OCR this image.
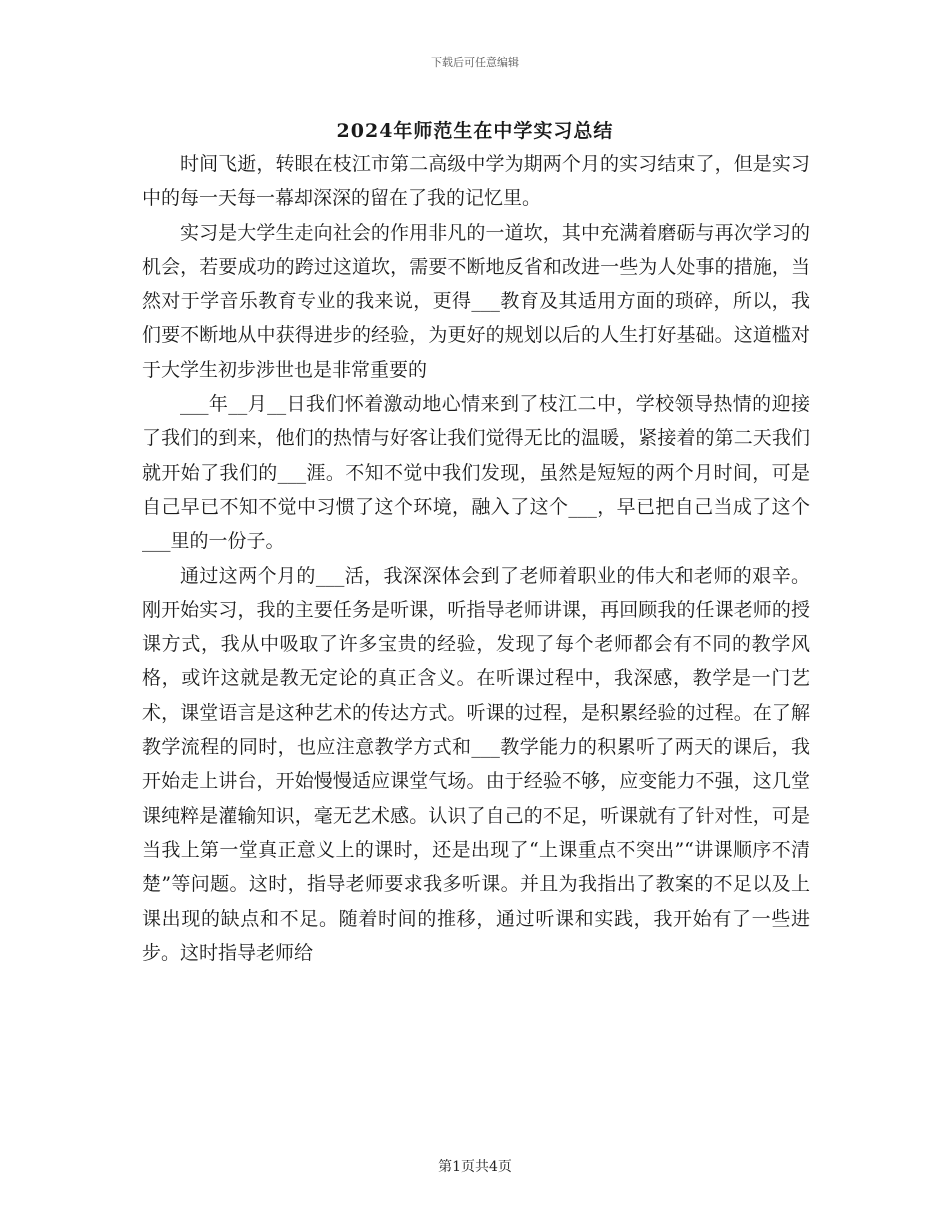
下载后可任意编辑
2024年师范生在中学实习总结

时间飞逝，转眼在枝江市第二高级中学为期两个月的实习结束了，但是实习中的每一天每一幕却深深的留在了我的记忆里。

实习是大学生走向社会的作用非凡的一道坎，其中充满着磨砺与再次学习的机会，若要成功的跨过这道坎，需要不断地反省和改进一些为人处事的措施，当然对于学音乐教育专业的我来说，更得___教育及其适用方面的琐碎，所以，我们要不断地从中获得进步的经验，为更好的规划以后的人生打好基础。这道槛对于大学生初步涉世也是非常重要的

___年__月__日我们怀着激动地心情来到了枝江二中，学校领导热情的迎接了我们的到来，他们的热情与好客让我们觉得无比的温暖，紧接着的第二天我们就开始了我们的___涯。不知不觉中我们发现，虽然是短短的两个月时间，可是自己早已不知不觉中习惯了这个环境，融入了这个___，早已把自己当成了这个___里的一份子。

通过这两个月的___活，我深深体会到了老师着职业的伟大和老师的艰辛。刚开始实习，我的主要任务是听课，听指导老师讲课，再回顾我的任课老师的授课方式，我从中吸取了许多宝贵的经验，发现了每个老师都会有不同的教学风格，或许这就是教无定论的真正含义。在听课过程中，我深感，教学是一门艺术，课堂语言是这种艺术的传达方式。听课的过程，是积累经验的过程。在了解教学流程的同时，也应注意教学方式和___教学能力的积累听了两天的课后，我开始走上讲台，开始慢慢适应课堂气场。由于经验不够，应变能力不强，这几堂课纯粹是灌输知识，毫无艺术感。认识了自己的不足，听课就有了针对性，可是当我上第一堂真正意义上的课时，还是出现了“上课重点不突出”“讲课顺序不清楚”等问题。这时，指导老师要求我多听课。并且为我指出了教案的不足以及上课出现的缺点和不足。随着时间的推移，通过听课和实践，我开始有了一些进步。这时指导老师给

第1页共4页
